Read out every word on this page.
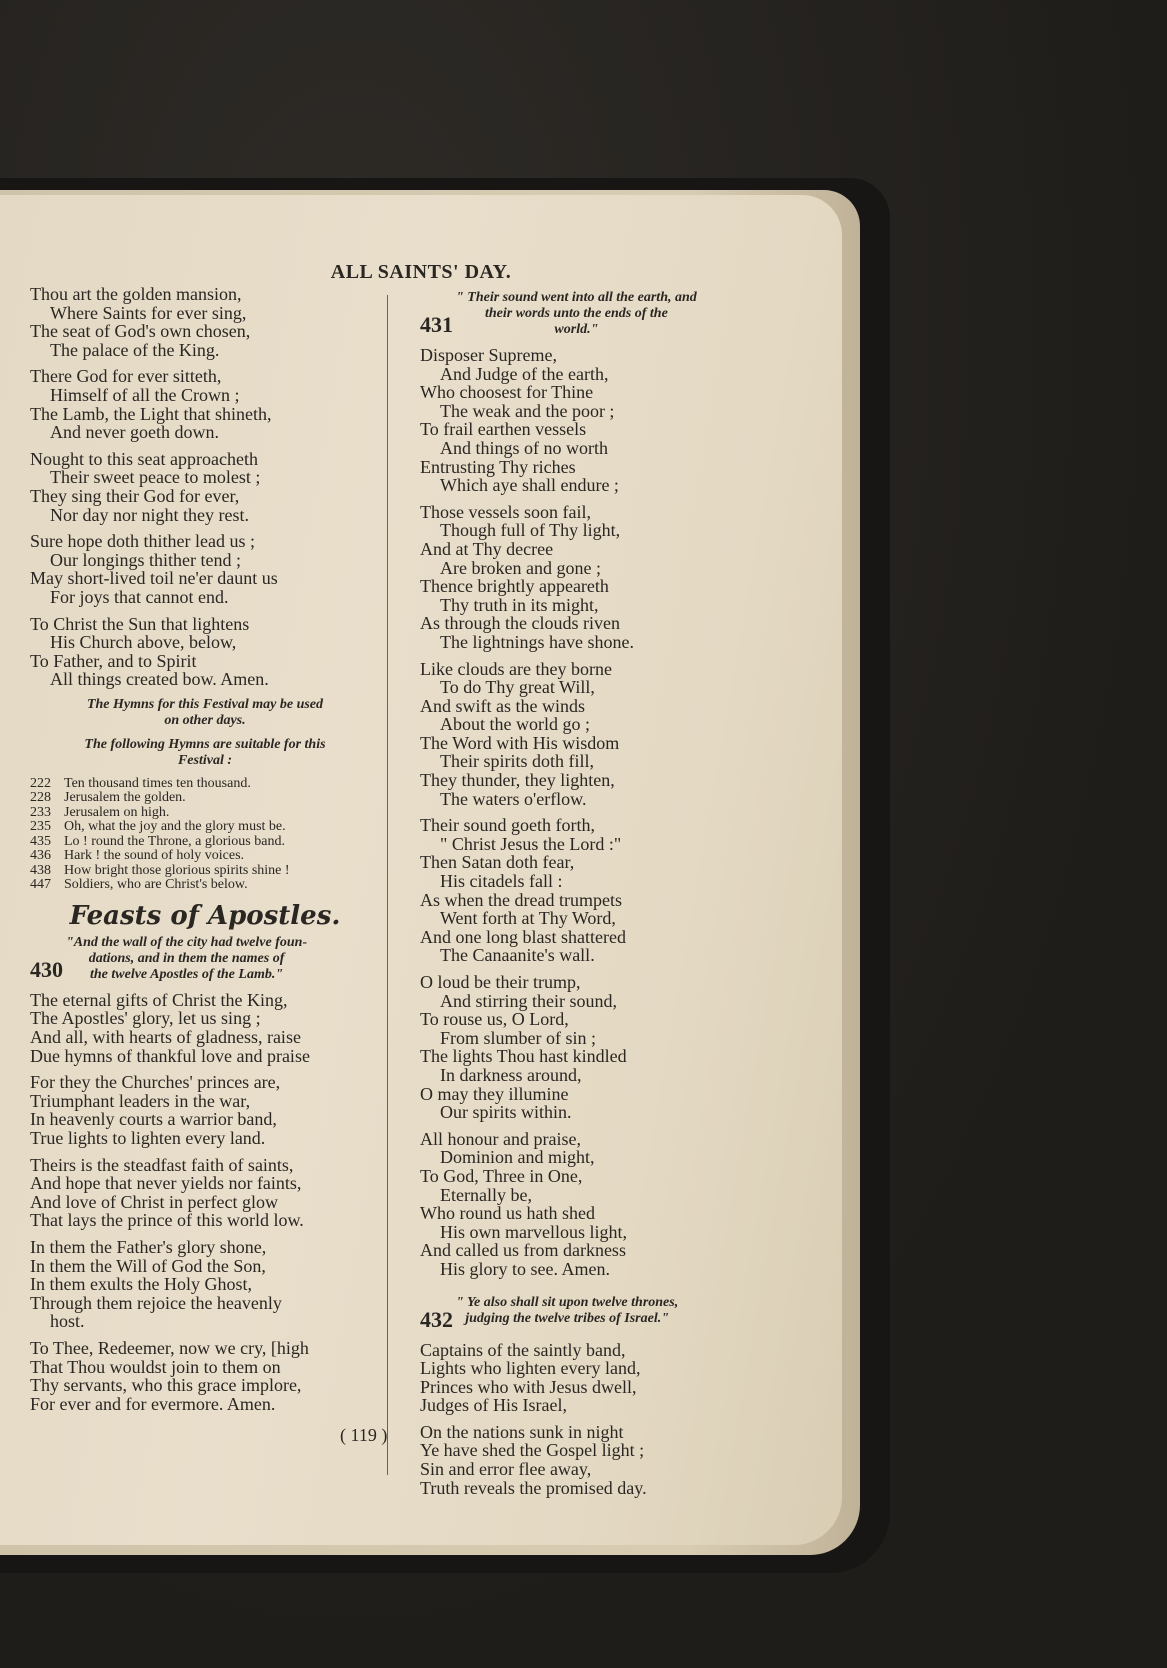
ALL SAINTS' DAY.
Thou art the golden mansion,
Where Saints for ever sing,
The seat of God's own chosen,
The palace of the King.
There God for ever sitteth,
Himself of all the Crown ;
The Lamb, the Light that shineth,
And never goeth down.
Nought to this seat approacheth
Their sweet peace to molest ;
They sing their God for ever,
Nor day nor night they rest.
Sure hope doth thither lead us ;
Our longings thither tend ;
May short-lived toil ne'er daunt us
For joys that cannot end.
To Christ the Sun that lightens
His Church above, below,
To Father, and to Spirit
All things created bow. Amen.
The Hymns for this Festival may be used
on other days.
The following Hymns are suitable for this
Festival :
222 Ten thousand times ten thousand.
228 Jerusalem the golden.
233 Jerusalem on high.
235 Oh, what the joy and the glory must be.
435 Lo ! round the Throne, a glorious band.
436 Hark ! the sound of holy voices.
438 How bright those glorious spirits shine !
447 Soldiers, who are Christ's below.
Feasts of Apostles.
430
"And the wall of the city had twelve foun-
dations, and in them the names of
the twelve Apostles of the Lamb."
The eternal gifts of Christ the King,
The Apostles' glory, let us sing ;
And all, with hearts of gladness, raise
Due hymns of thankful love and praise
For they the Churches' princes are,
Triumphant leaders in the war,
In heavenly courts a warrior band,
True lights to lighten every land.
Theirs is the steadfast faith of saints,
And hope that never yields nor faints,
And love of Christ in perfect glow
That lays the prince of this world low.
In them the Father's glory shone,
In them the Will of God the Son,
In them exults the Holy Ghost,
Through them rejoice the heavenly
host.
To Thee, Redeemer, now we cry, [high
That Thou wouldst join to them on
Thy servants, who this grace implore,
For ever and for evermore. Amen.
431
" Their sound went into all the earth, and
their words unto the ends of the
world."
Disposer Supreme,
And Judge of the earth,
Who choosest for Thine
The weak and the poor ;
To frail earthen vessels
And things of no worth
Entrusting Thy riches
Which aye shall endure ;
Those vessels soon fail,
Though full of Thy light,
And at Thy decree
Are broken and gone ;
Thence brightly appeareth
Thy truth in its might,
As through the clouds riven
The lightnings have shone.
Like clouds are they borne
To do Thy great Will,
And swift as the winds
About the world go ;
The Word with His wisdom
Their spirits doth fill,
They thunder, they lighten,
The waters o'erflow.
Their sound goeth forth,
" Christ Jesus the Lord :"
Then Satan doth fear,
His citadels fall :
As when the dread trumpets
Went forth at Thy Word,
And one long blast shattered
The Canaanite's wall.
O loud be their trump,
And stirring their sound,
To rouse us, O Lord,
From slumber of sin ;
The lights Thou hast kindled
In darkness around,
O may they illumine
Our spirits within.
All honour and praise,
Dominion and might,
To God, Three in One,
Eternally be,
Who round us hath shed
His own marvellous light,
And called us from darkness
His glory to see. Amen.
432
" Ye also shall sit upon twelve thrones,
judging the twelve tribes of Israel."
Captains of the saintly band,
Lights who lighten every land,
Princes who with Jesus dwell,
Judges of His Israel,
On the nations sunk in night
Ye have shed the Gospel light ;
Sin and error flee away,
Truth reveals the promised day.
( 119 )
